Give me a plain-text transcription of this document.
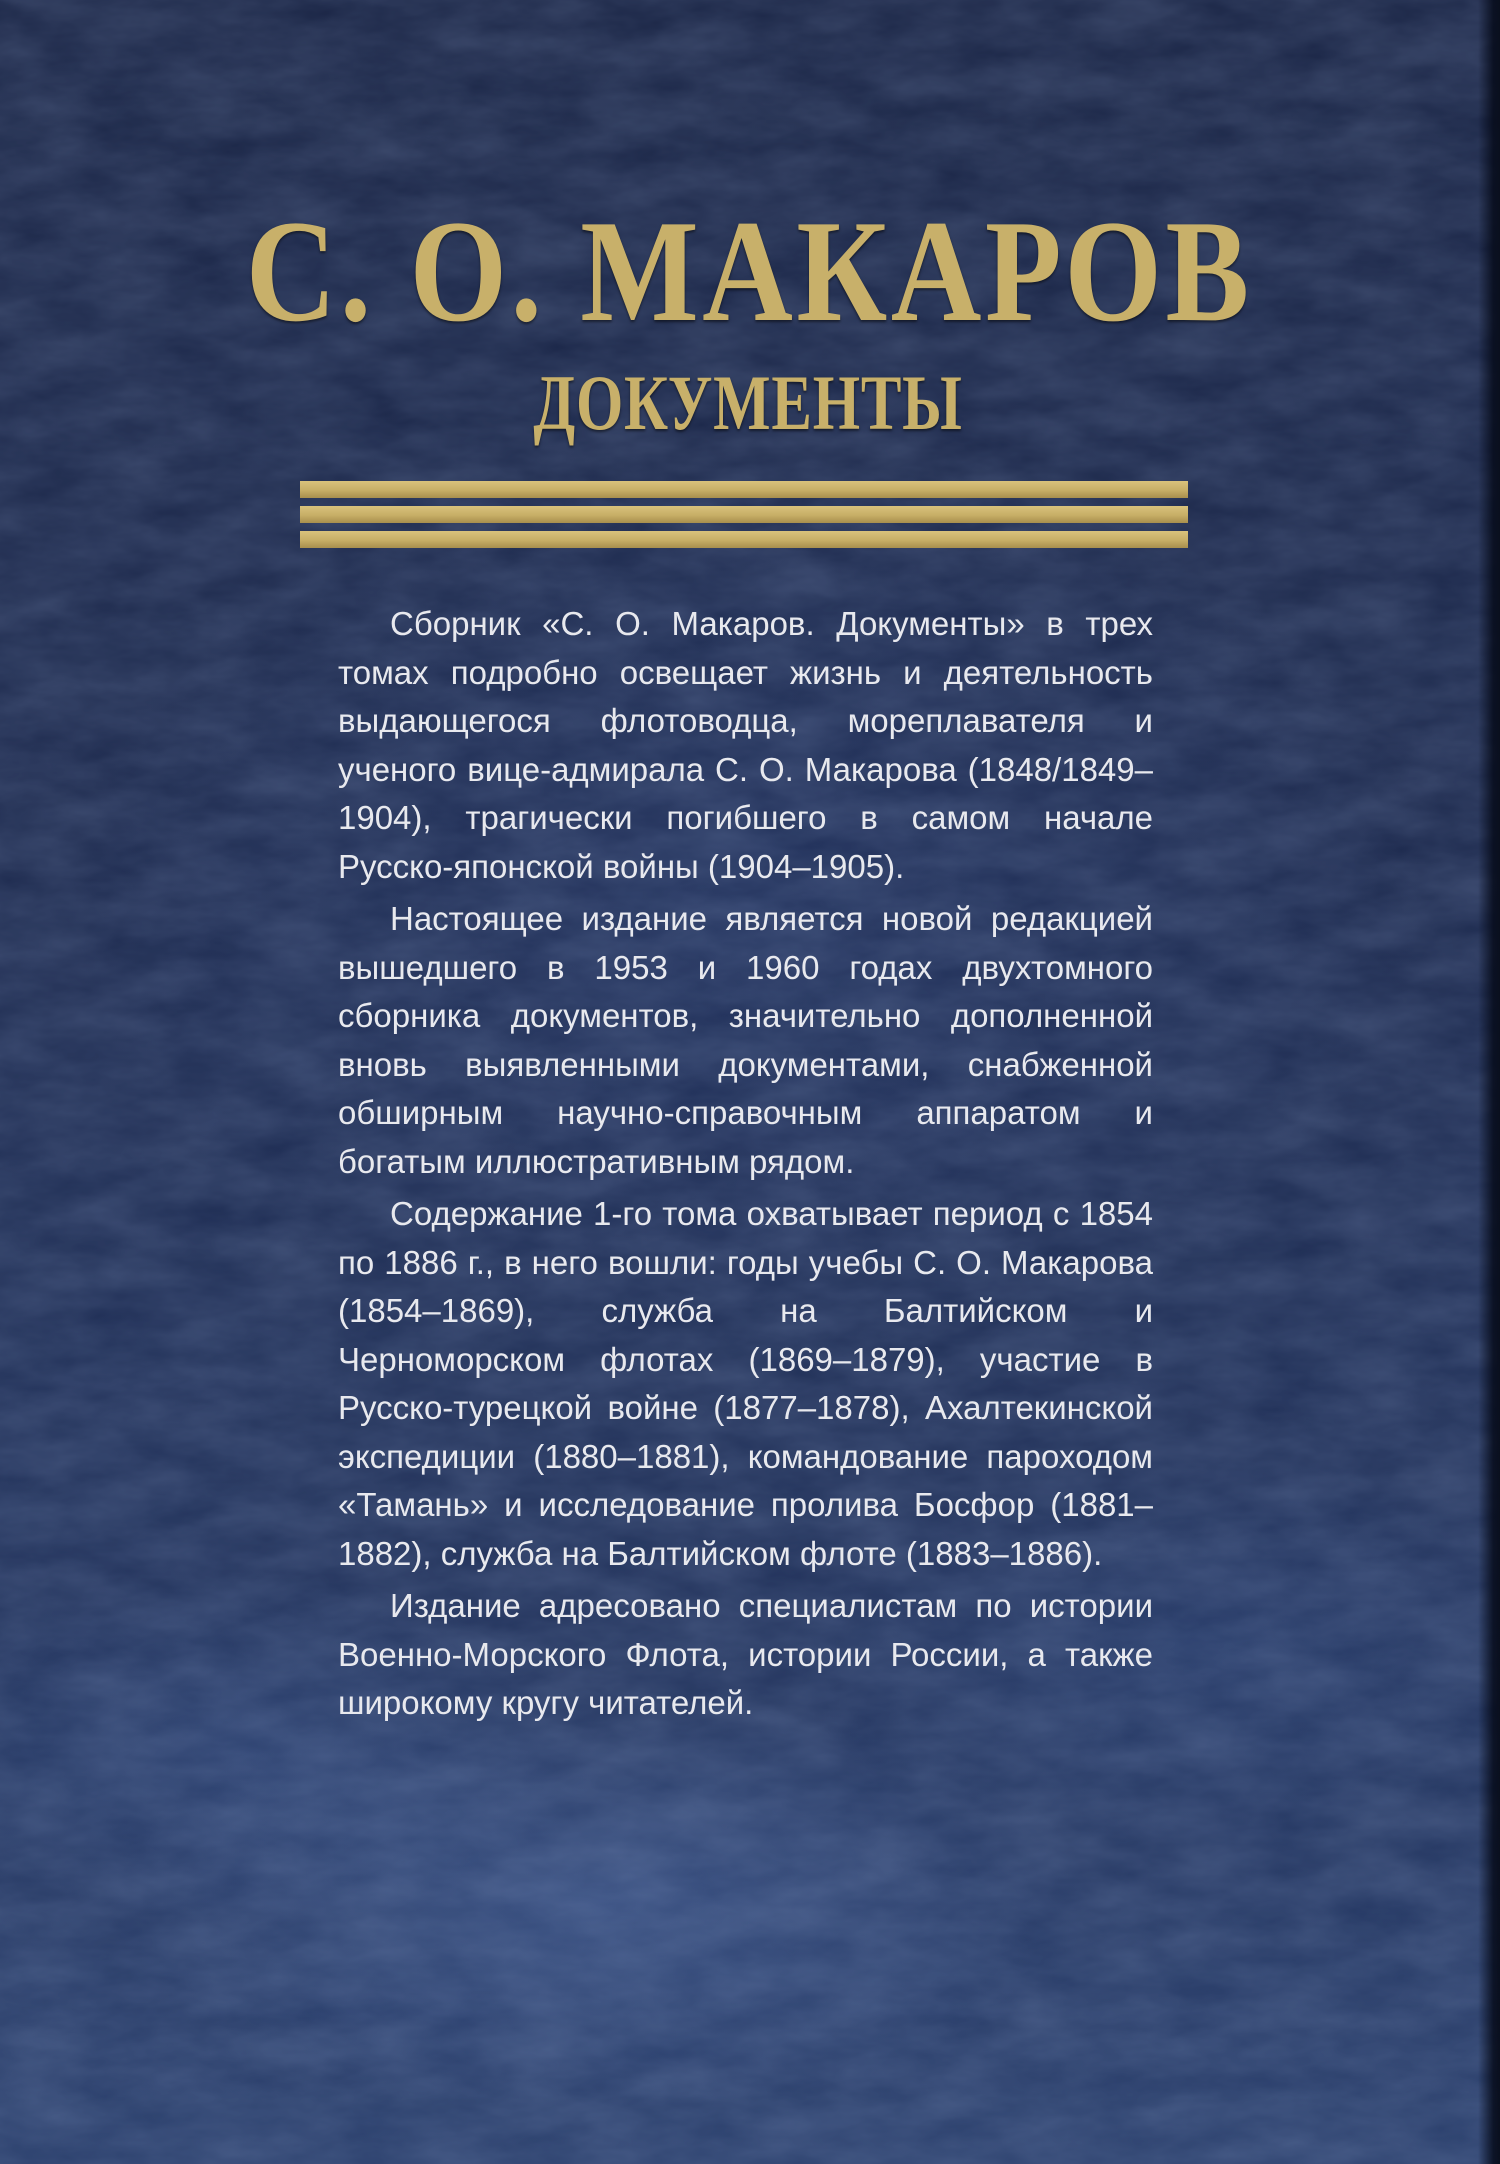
С. О. МАКАРОВ
ДОКУМЕНТЫ

Сборник «С. О. Макаров. Документы» в трех томах подробно освещает жизнь и деятельность выдающегося флотоводца, мореплавателя и ученого вице-адмирала С. О. Макарова (1848/1849–1904), трагически погибшего в самом начале Русско-японской войны (1904–1905).

Настоящее издание является новой редакцией вышедшего в 1953 и 1960 годах двухтомного сборника документов, значительно дополненной вновь выявленными документами, снабженной обширным научно-справочным аппаратом и богатым иллюстративным рядом.

Содержание 1-го тома охватывает период с 1854 по 1886 г., в него вошли: годы учебы С. О. Макарова (1854–1869), служба на Балтийском и Черноморском флотах (1869–1879), участие в Русско-турецкой войне (1877–1878), Ахалтекинской экспедиции (1880–1881), командование пароходом «Тамань» и исследование пролива Босфор (1881–1882), служба на Балтийском флоте (1883–1886).

Издание адресовано специалистам по истории Военно-Морского Флота, истории России, а также широкому кругу читателей.
